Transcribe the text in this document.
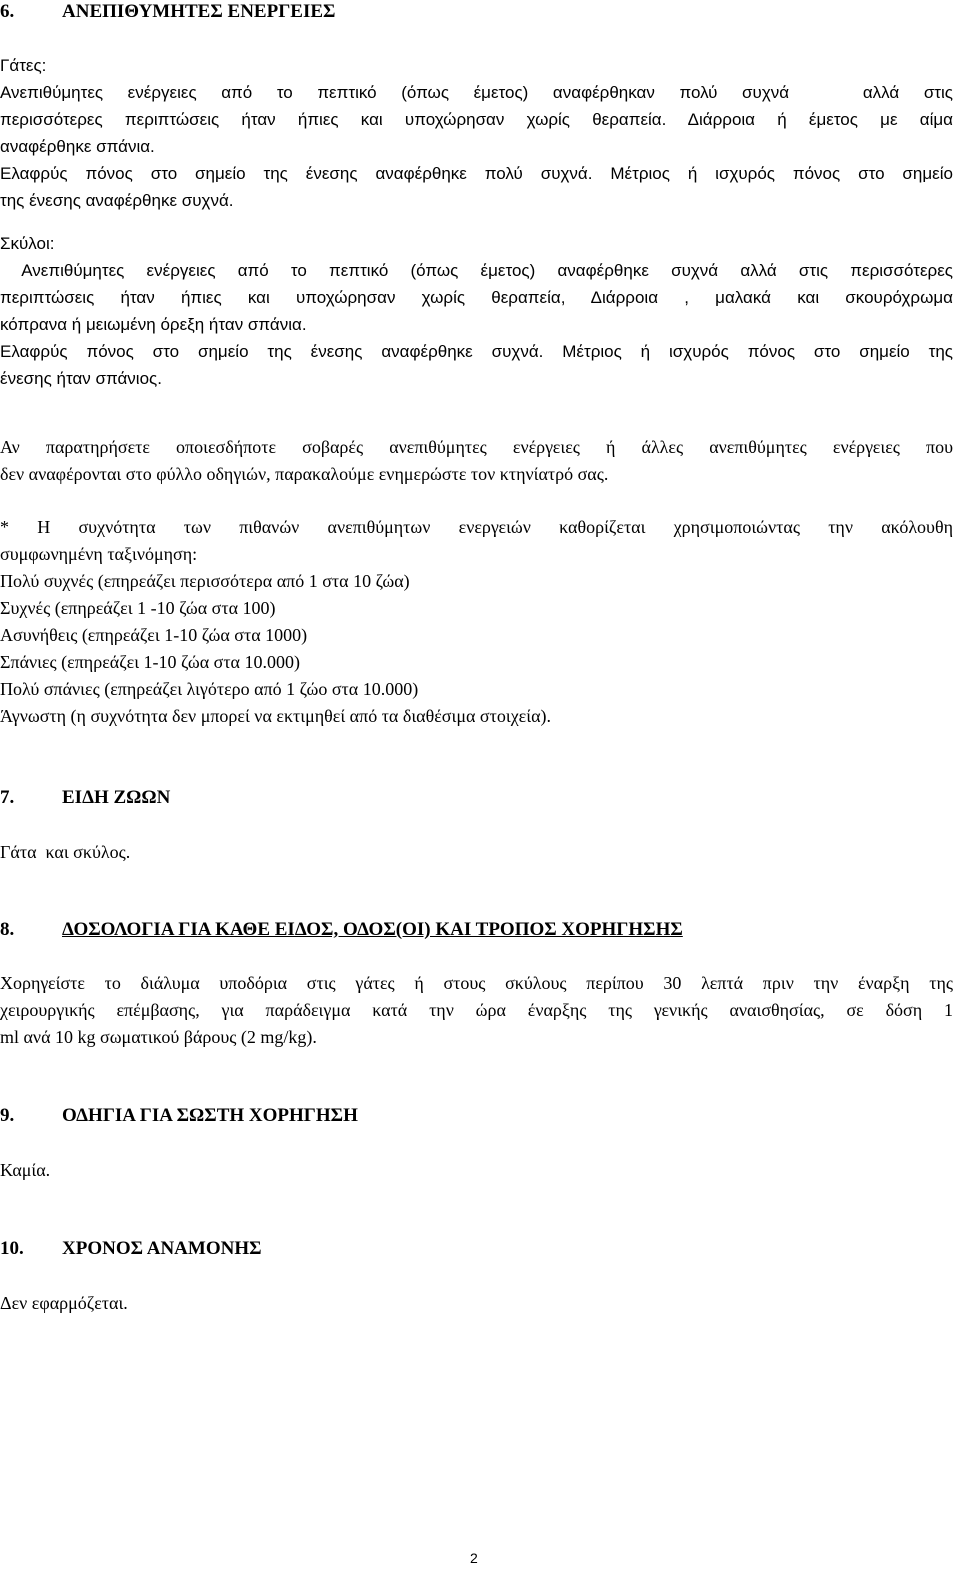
6.	ΑΝΕΠΙΘΥΜΗΤΕΣ ΕΝΕΡΓΕΙΕΣ
Γάτες:
Ανεπιθύμητες ενέργειες από το πεπτικό (όπως έμετος) αναφέρθηκαν πολύ συχνά   αλλά στις
περισσότερες περιπτώσεις ήταν ήπιες και υποχώρησαν χωρίς θεραπεία. Διάρροια ή έμετος με αίμα
αναφέρθηκε σπάνια.
Ελαφρύς πόνος στο σημείο της ένεσης αναφέρθηκε πολύ συχνά. Μέτριος ή ισχυρός πόνος στο σημείο
της ένεσης αναφέρθηκε συχνά.
Σκύλοι:
Ανεπιθύμητες ενέργειες από το πεπτικό (όπως έμετος) αναφέρθηκε συχνά αλλά στις περισσότερες
περιπτώσεις ήταν ήπιες και υποχώρησαν χωρίς θεραπεία, Διάρροια , μαλακά και σκουρόχρωμα
κόπρανα ή μειωμένη όρεξη ήταν σπάνια.
Ελαφρύς πόνος στο σημείο της ένεσης αναφέρθηκε συχνά. Μέτριος ή ισχυρός πόνος στο σημείο της
ένεσης ήταν σπάνιος.
Αν παρατηρήσετε οποιεσδήποτε σοβαρές ανεπιθύμητες ενέργειες ή άλλες ανεπιθύμητες ενέργειες που
δεν αναφέρονται στο φύλλο οδηγιών, παρακαλούμε ενημερώστε τον κτηνίατρό σας.
* Η συχνότητα των πιθανών ανεπιθύμητων ενεργειών καθορίζεται χρησιμοποιώντας την ακόλουθη
συμφωνημένη ταξινόμηση:
Πολύ συχνές (επηρεάζει περισσότερα από 1 στα 10 ζώα)
Συχνές (επηρεάζει 1 -10 ζώα στα 100)
Ασυνήθεις (επηρεάζει 1-10 ζώα στα 1000)
Σπάνιες (επηρεάζει 1-10 ζώα στα 10.000)
Πολύ σπάνιες (επηρεάζει λιγότερο από 1 ζώο στα 10.000)
Άγνωστη (η συχνότητα δεν μπορεί να εκτιμηθεί από τα διαθέσιμα στοιχεία).
7.	ΕΙΔΗ ΖΩΩΝ
Γάτα  και σκύλος.
8.	ΔΟΣΟΛΟΓΙΑ ΓΙΑ ΚΑΘΕ ΕΙΔΟΣ, ΟΔΟΣ(ΟΙ) ΚΑΙ ΤΡΟΠΟΣ ΧΟΡΗΓΗΣΗΣ
Χορηγείστε το διάλυμα υποδόρια στις γάτες ή στους σκύλους περίπου 30 λεπτά πριν την έναρξη της
χειρουργικής επέμβασης, για παράδειγμα κατά την ώρα έναρξης της γενικής αναισθησίας, σε δόση 1
ml ανά 10 kg σωματικού βάρους (2 mg/kg).
9.	ΟΔΗΓΙΑ ΓΙΑ ΣΩΣΤΗ ΧΟΡΗΓΗΣΗ
Καμία.
10. ΧΡΟΝΟΣ ΑΝΑΜΟΝΗΣ
Δεν εφαρμόζεται.

2
